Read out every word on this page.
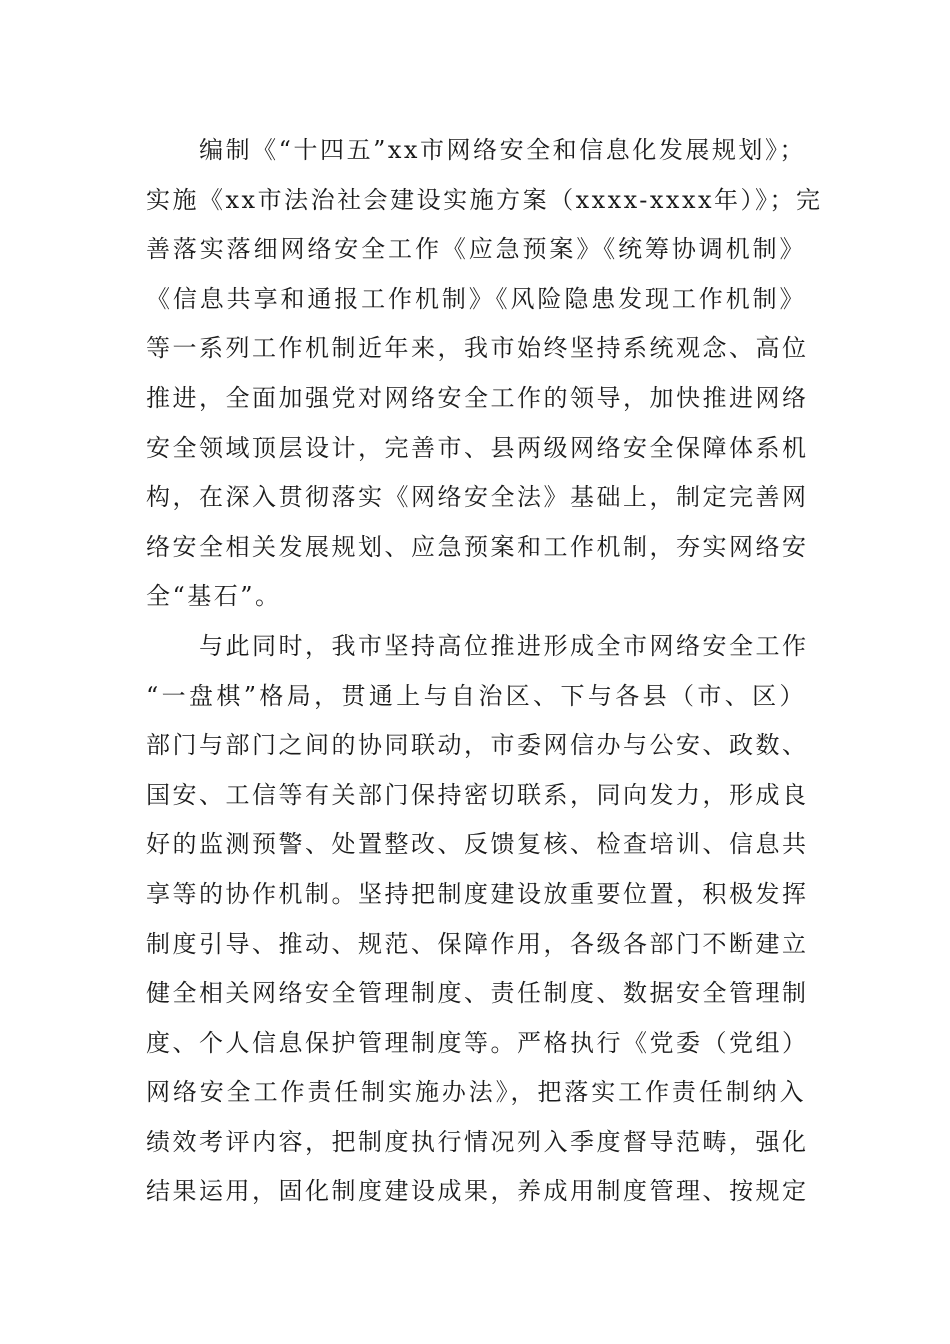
　　编制《“十四五”xx市网络安全和信息化发展规划》；
实施《xx市法治社会建设实施方案（xxxx-xxxx年）》；完
善落实落细网络安全工作《应急预案》《统筹协调机制》
《信息共享和通报工作机制》《风险隐患发现工作机制》
等一系列工作机制近年来，我市始终坚持系统观念、高位
推进，全面加强党对网络安全工作的领导，加快推进网络
安全领域顶层设计，完善市、县两级网络安全保障体系机
构，在深入贯彻落实《网络安全法》基础上，制定完善网
络安全相关发展规划、应急预案和工作机制，夯实网络安
全“基石”。
　　与此同时，我市坚持高位推进形成全市网络安全工作
“一盘棋”格局，贯通上与自治区、下与各县（市、区）
部门与部门之间的协同联动，市委网信办与公安、政数、
国安、工信等有关部门保持密切联系，同向发力，形成良
好的监测预警、处置整改、反馈复核、检查培训、信息共
享等的协作机制。坚持把制度建设放重要位置，积极发挥
制度引导、推动、规范、保障作用，各级各部门不断建立
健全相关网络安全管理制度、责任制度、数据安全管理制
度、个人信息保护管理制度等。严格执行《党委（党组）
网络安全工作责任制实施办法》，把落实工作责任制纳入
绩效考评内容，把制度执行情况列入季度督导范畴，强化
结果运用，固化制度建设成果，养成用制度管理、按规定
